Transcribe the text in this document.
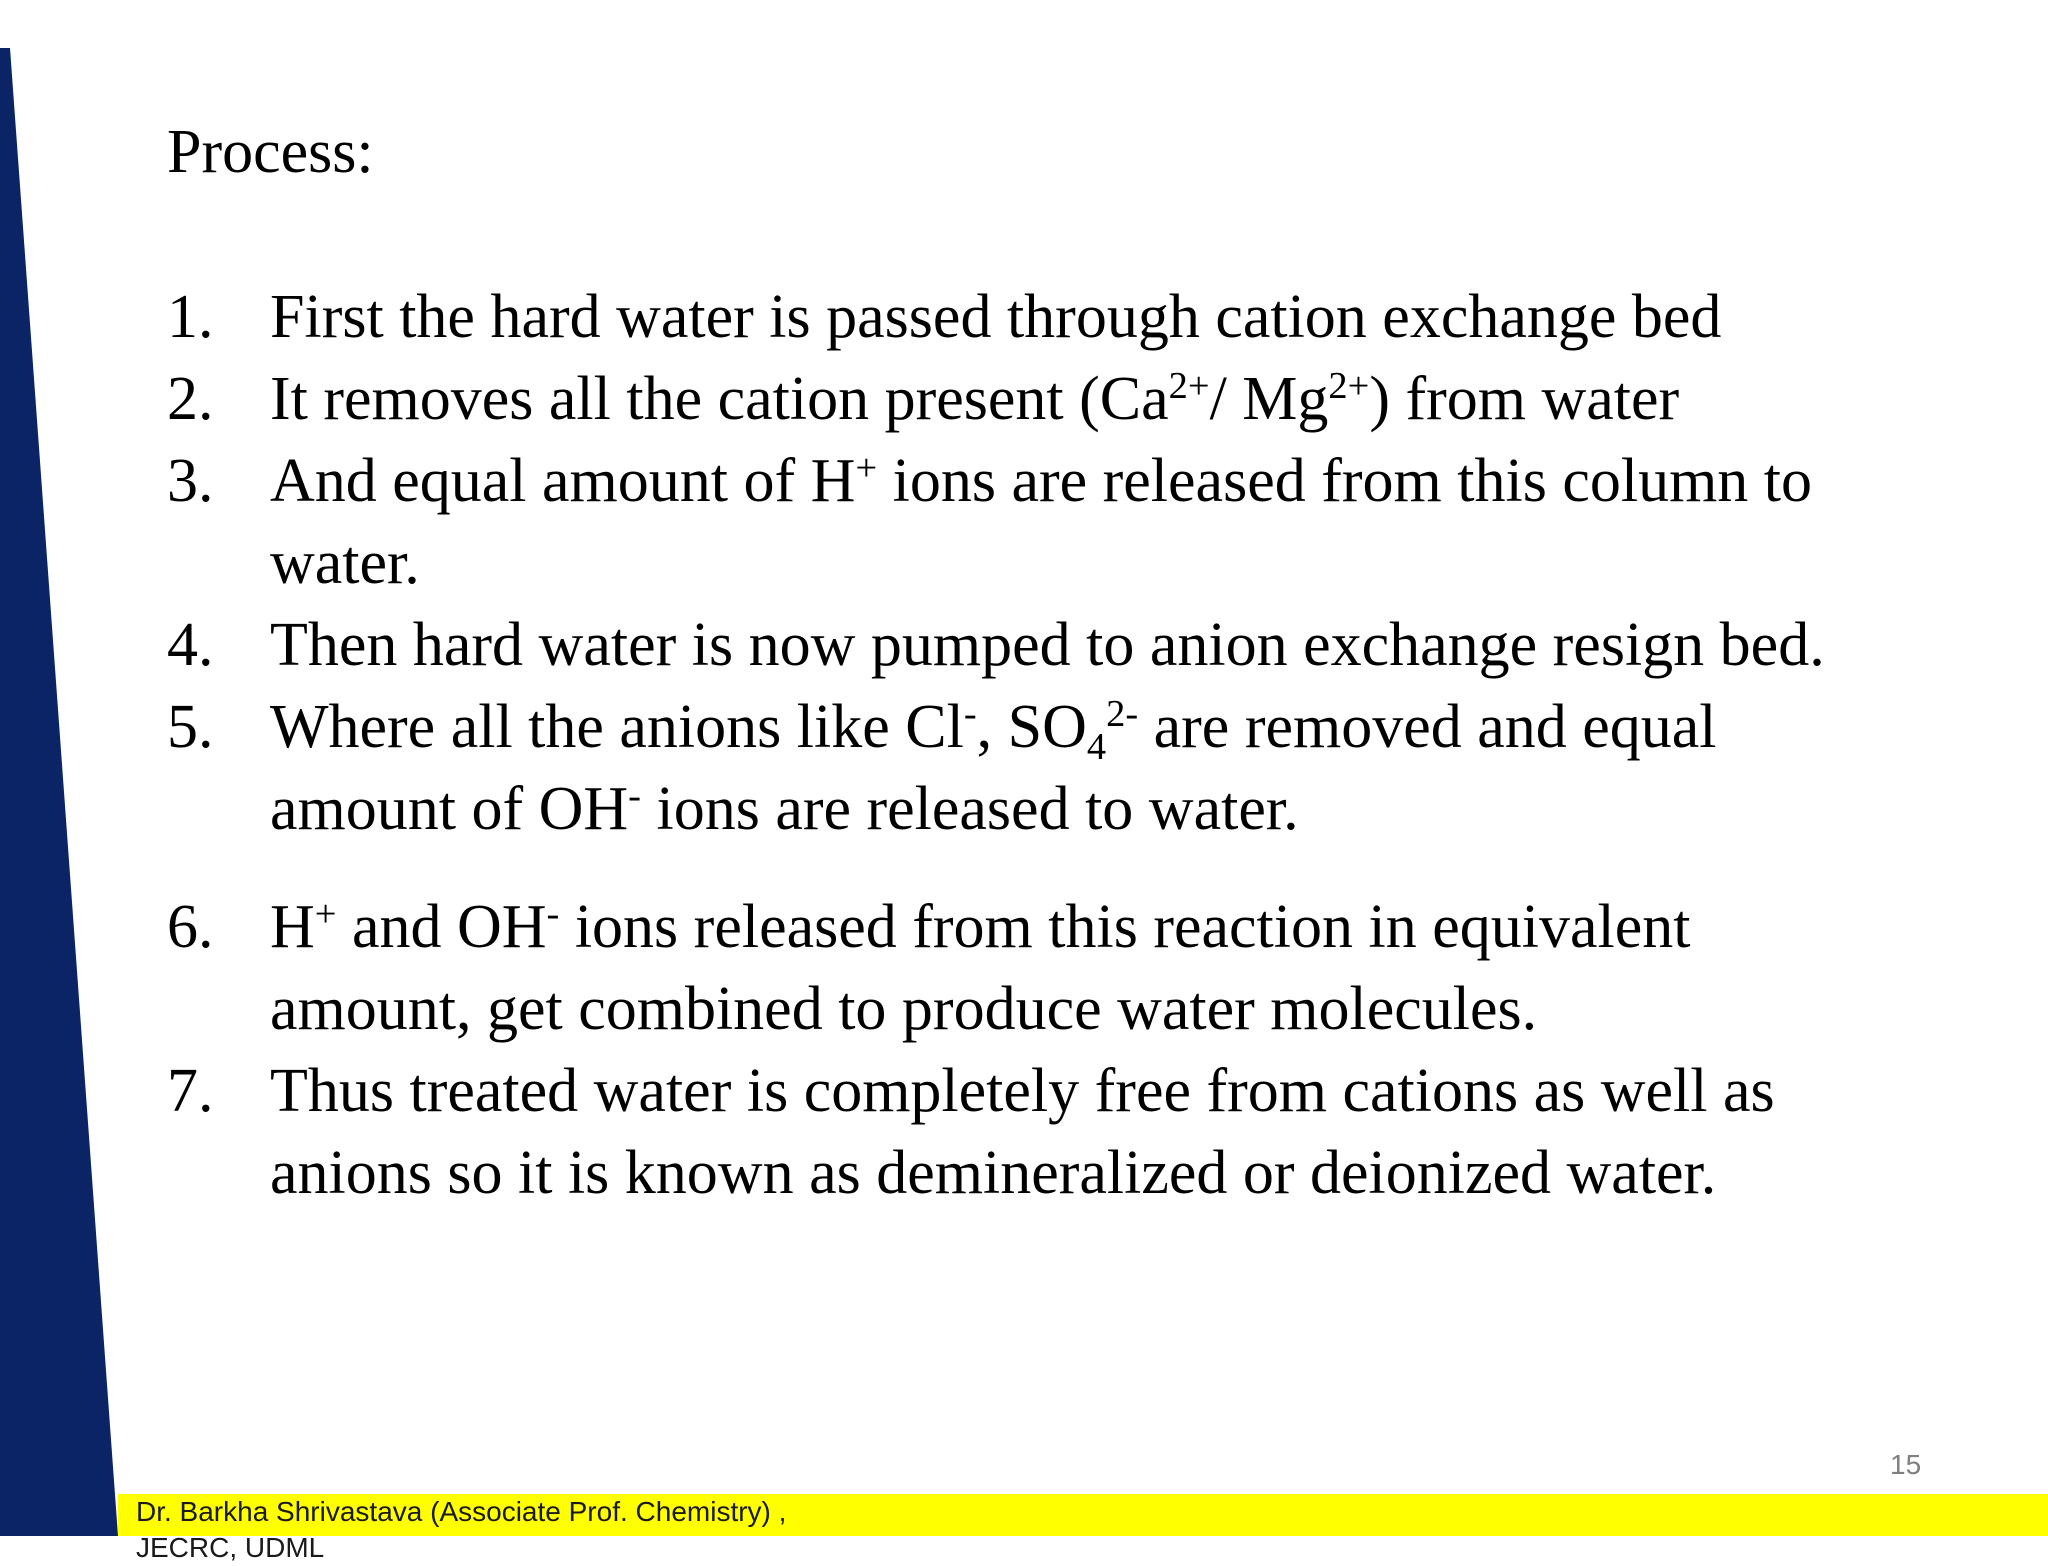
Process:
1. First the hard water is passed through cation exchange bed
2. It removes all the cation present ($Ca^{2+}/$ $Mg^{2+}$) from water
3. And equal amount of H+ ions are released from this column to water.
4. Then hard water is now pumped to anion exchange resign bed.
5. Where all the anions like Cl-, $SO_4^{2-}$ are removed and equal amount of OH- ions are released to water.
6. H+ and OH- ions released from this reaction in equivalent amount, get combined to produce water molecules.
7. Thus treated water is completely free from cations as well as anions so it is known as demineralized or deionized water.
Dr. Barkha Shrivastava (Associate Prof. Chemistry) , JECRC, UDML
15
